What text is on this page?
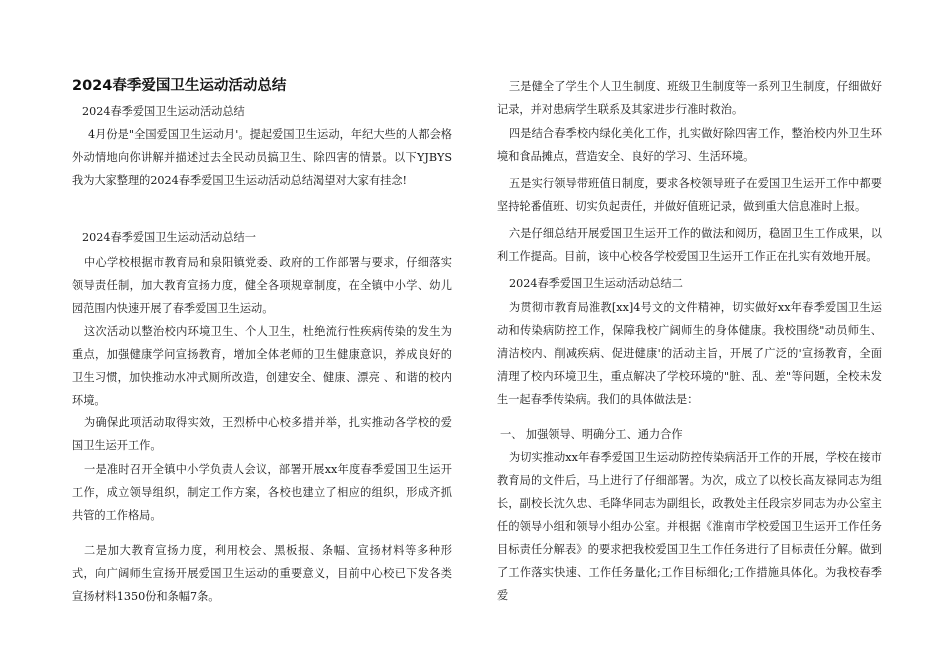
2024春季爱国卫生运动活动总结

2024春季爱国卫生运动活动总结

4月份是"全国爱国卫生运动月'。提起爱国卫生运动，年纪大些的人都会格外动情地向你讲解并描述过去全民动员搞卫生、除四害的情景。以下YJBYS我为大家整理的2024春季爱国卫生运动活动总结渴望对大家有挂念!

2024春季爱国卫生运动活动总结一

中心学校根据市教育局和泉阳镇党委、政府的工作部署与要求，仔细落实领导责任制，加大教育宣扬力度，健全各项规章制度，在全镇中小学、幼儿园范围内快速开展了春季爱国卫生运动。

这次活动以整治校内环境卫生、个人卫生，杜绝流行性疾病传染的发生为重点，加强健康学问宣扬教育，增加全体老师的卫生健康意识，养成良好的卫生习惯，加快推动水冲式厕所改造，创建安全、健康、漂亮 、和谐的校内环境。

为确保此项活动取得实效，王烈桥中心校多措并举，扎实推动各学校的爱国卫生运开工作。

一是准时召开全镇中小学负责人会议，部署开展xx年度春季爱国卫生运开工作，成立领导组织，制定工作方案，各校也建立了相应的组织，形成齐抓共管的工作格局。

二是加大教育宣扬力度，利用校会、黑板报、条幅、宣扬材料等多种形式，向广阔师生宣扬开展爱国卫生运动的重要意义，目前中心校已下发各类宣扬材料1350份和条幅7条。

三是健全了学生个人卫生制度、班级卫生制度等一系列卫生制度，仔细做好记录，并对患病学生联系及其家进步行准时救治。

四是结合春季校内绿化美化工作，扎实做好除四害工作，整治校内外卫生环境和食品摊点，营造安全、良好的学习、生活环境。

五是实行领导带班值日制度，要求各校领导班子在爱国卫生运开工作中都要坚持轮番值班、切实负起责任，并做好值班记录，做到重大信息准时上报。

六是仔细总结开展爱国卫生运开工作的做法和阅历，稳固卫生工作成果，以利工作提高。目前，该中心校各学校爱国卫生运开工作正在扎实有效地开展。

2024春季爱国卫生运动活动总结二

为贯彻市教育局淮教[xx]4号文的文件精神，切实做好xx年春季爱国卫生运动和传染病防控工作，保障我校广阔师生的身体健康。我校围绕"动员师生、清洁校内、削减疾病、促进健康'的活动主旨，开展了广泛的'宣扬教育，全面清理了校内环境卫生，重点解决了学校环境的"脏、乱、差"等问题，全校未发生一起春季传染病。我们的具体做法是：

一、 加强领导、明确分工、通力合作

为切实推动xx年春季爱国卫生运动防控传染病活开工作的开展，学校在接市教育局的文件后，马上进行了仔细部署。为次，成立了以校长高友禄同志为组长，副校长沈久忠、毛降华同志为副组长，政教处主任段宗岁同志为办公室主任的领导小组和领导小组办公室。并根据《淮南市学校爱国卫生运开工作任务目标责任分解表》的要求把我校爱国卫生工作任务进行了目标责任分解。做到了工作落实快速、工作任务量化;工作目标细化;工作措施具体化。为我校春季爱
